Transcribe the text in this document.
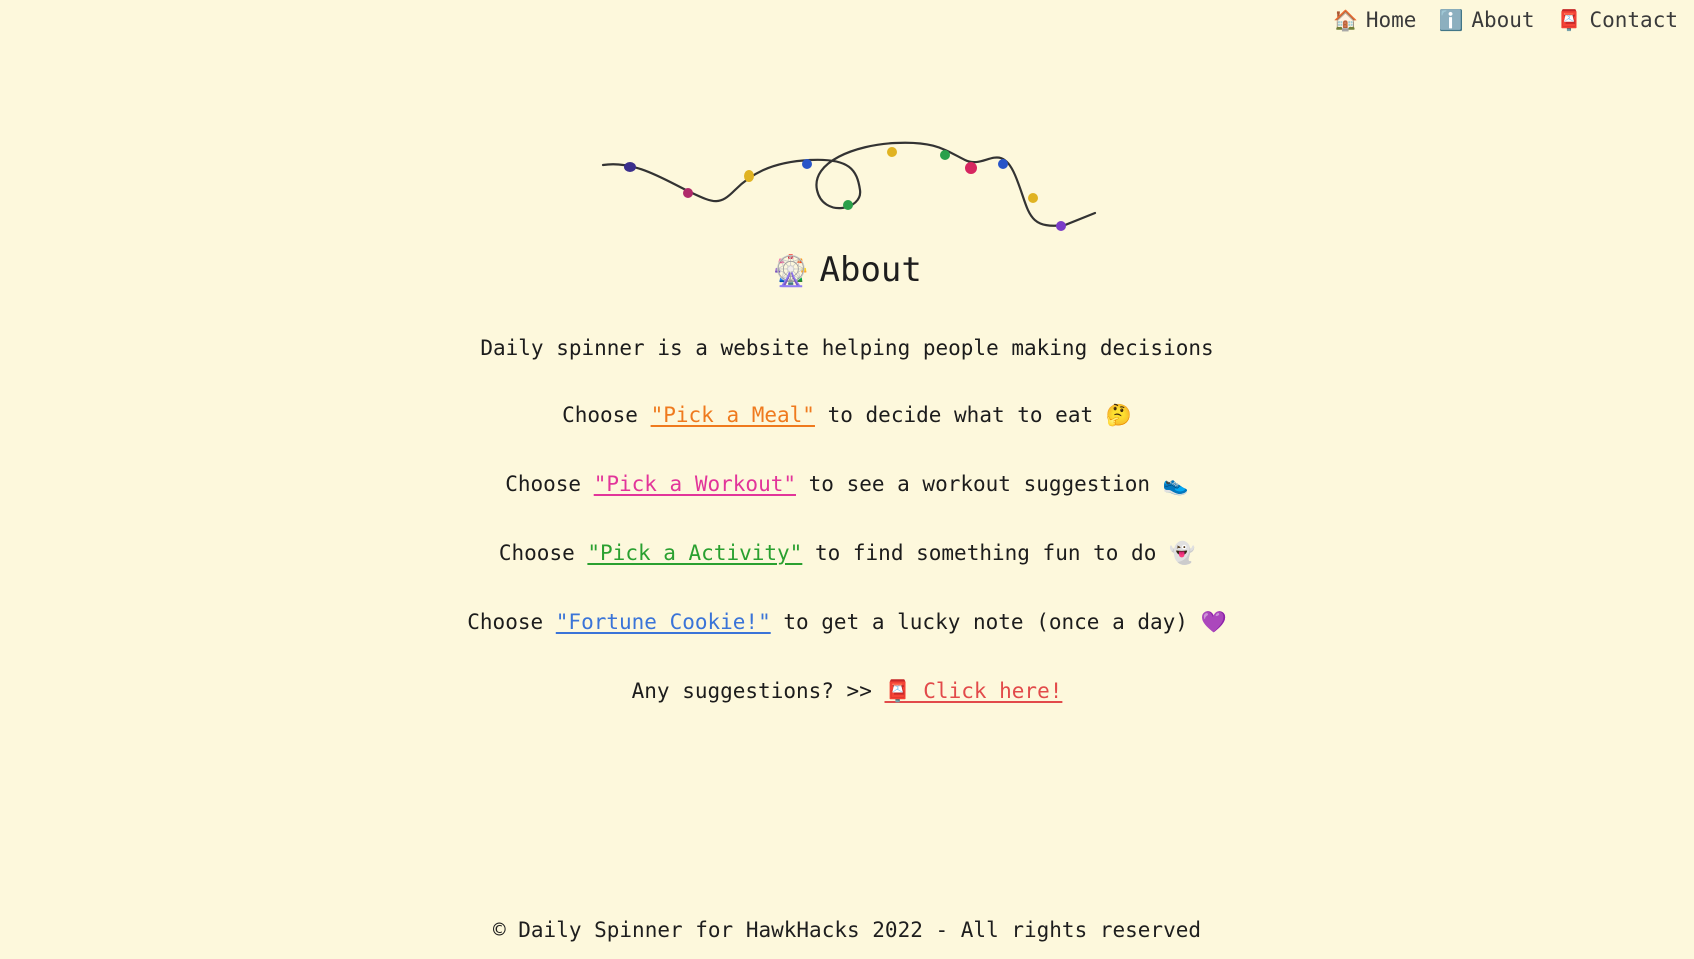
🏠 Home ℹ️ About 📮 Contact
🎡 About
Daily spinner is a website helping people making decisions
Choose "Pick a Meal" to decide what to eat 🤔
Choose "Pick a Workout" to see a workout suggestion 👟
Choose "Pick a Activity" to find something fun to do 👻
Choose "Fortune Cookie!" to get a lucky note (once a day) 💜
Any suggestions? >> 📮 Click here!
© Daily Spinner for HawkHacks 2022 - All rights reserved
